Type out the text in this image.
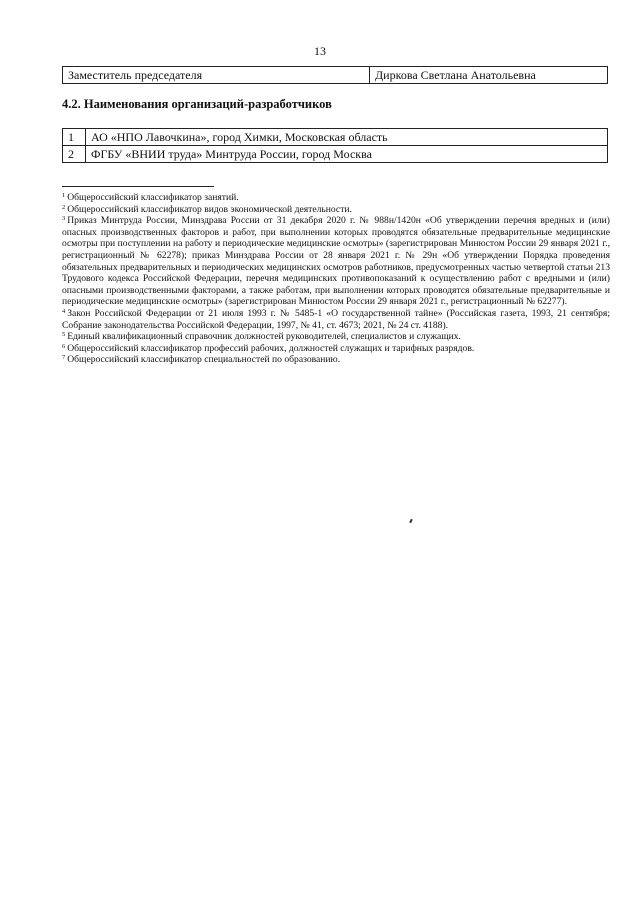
13
Заместитель председателя	Диркова Светлана Анатольевна
4.2. Наименования организаций-разработчиков
1	АО «НПО Лавочкина», город Химки, Московская область
2	ФГБУ «ВНИИ труда» Минтруда России, город Москва

$^1$ Общероссийский классификатор занятий.

$^2$ Общероссийский классификатор видов экономической деятельности.

$^3$ Приказ Минтруда России, Минздрава России от 31 декабря 2020 г. № 988н/1420н «Об утверждении перечня вредных и (или) опасных производственных факторов и работ, при выполнении которых проводятся обязательные предварительные медицинские осмотры при поступлении на работу и периодические медицинские осмотры» (зарегистрирован Минюстом России 29 января 2021 г., регистрационный № 62278); приказ Минздрава России от 28 января 2021 г. № 29н «Об утверждении Порядка проведения обязательных предварительных и периодических медицинских осмотров работников, предусмотренных частью четвертой статьи 213 Трудового кодекса Российской Федерации, перечня медицинских противопоказаний к осуществлению работ с вредными и (или) опасными производственными факторами, а также работам, при выполнении которых проводятся обязательные предварительные и периодические медицинские осмотры» (зарегистрирован Минюстом России 29 января 2021 г., регистрационный № 62277).

$^4$ Закон Российской Федерации от 21 июля 1993 г. № 5485-1 «О государственной тайне» (Российская газета, 1993, 21 сентября; Собрание законодательства Российской Федерации, 1997, № 41, ст. 4673; 2021, № 24 ст. 4188).

$^5$ Единый квалификационный справочник должностей руководителей, специалистов и служащих.

$^6$ Общероссийский классификатор профессий рабочих, должностей служащих и тарифных разрядов.

$^7$ Общероссийский классификатор специальностей по образованию.
